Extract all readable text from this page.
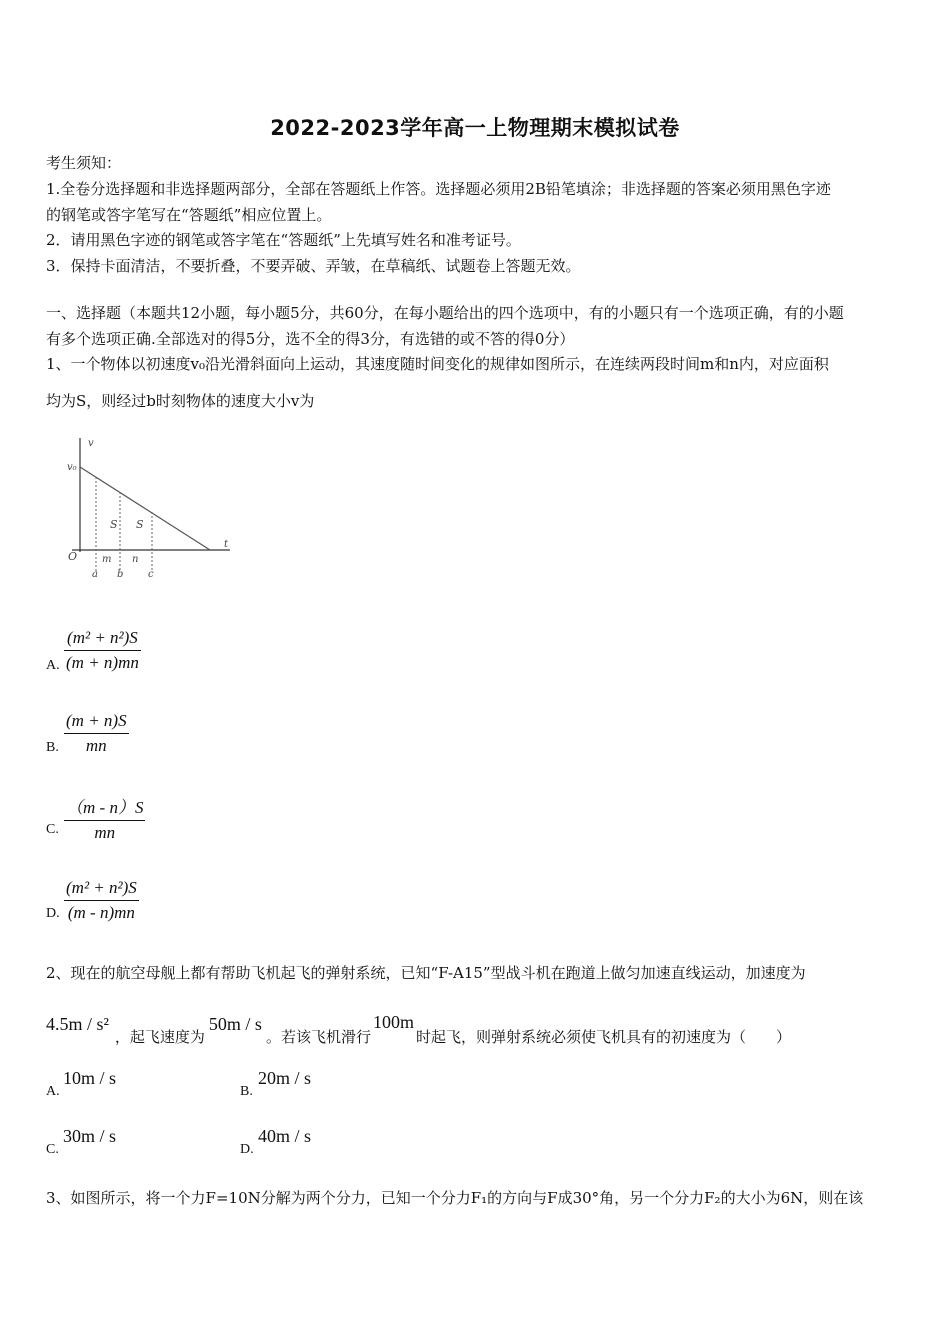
2022-2023学年高一上物理期末模拟试卷
考生须知：
1.全卷分选择题和非选择题两部分，全部在答题纸上作答。选择题必须用2B铅笔填涂；非选择题的答案必须用黑色字迹
的钢笔或答字笔写在“答题纸”相应位置上。
2．请用黑色字迹的钢笔或答字笔在“答题纸”上先填写姓名和准考证号。
3．保持卡面清洁，不要折叠，不要弄破、弄皱，在草稿纸、试题卷上答题无效。
一、选择题（本题共12小题，每小题5分，共60分，在每小题给出的四个选项中，有的小题只有一个选项正确，有的小题
有多个选项正确.全部选对的得5分，选不全的得3分，有选错的或不答的得0分）
1、一个物体以初速度v₀沿光滑斜面向上运动，其速度随时间变化的规律如图所示，在连续两段时间m和n内，对应面积
均为S，则经过b时刻物体的速度大小v为
v
v₀
t
O
S S
m n
a b c
A. $\frac{\text{(m² + n²)S}}{(m + n)mn}$
B. $\frac{(m + n)S}{mn}$
C. $\frac{(m - n)S}{mn}$
D. $\frac{\text{(m² + n²)S}}{(m - n)mn}$
2、现在的航空母舰上都有帮助飞机起飞的弹射系统，已知“F-A15”型战斗机在跑道上做匀加速直线运动，加速度为
4.5m / s²
，起飞速度为
50m / s
。若该飞机滑行
100m
时起飞，则弹射系统必须使飞机具有的初速度为（　　）
A.
10m / s
B.
20m / s
C.
30m / s
D.
40m / s
3、如图所示，将一个力F=10N分解为两个分力，已知一个分力F₁的方向与F成30°角，另一个分力F₂的大小为6N，则在该
